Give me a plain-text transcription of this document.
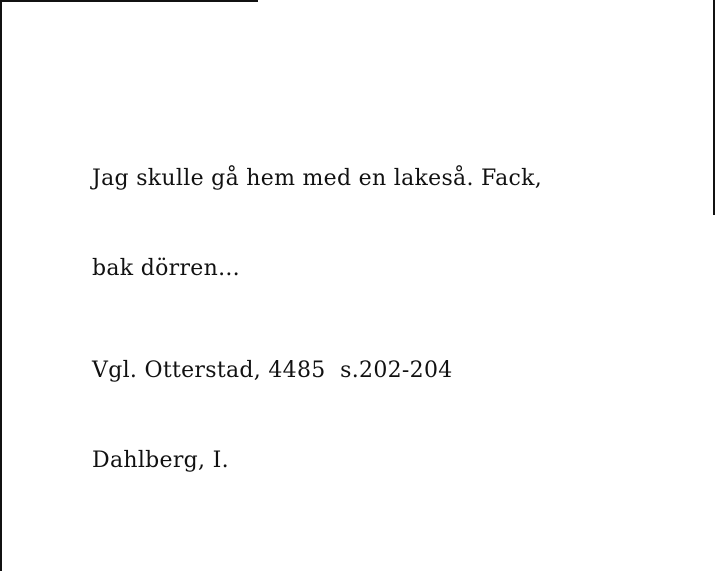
Jag skulle gå hem med en lakeså. Fack,

bak dörren...

Vgl. Otterstad, 4485  s.202-204

Dahlberg, I.
